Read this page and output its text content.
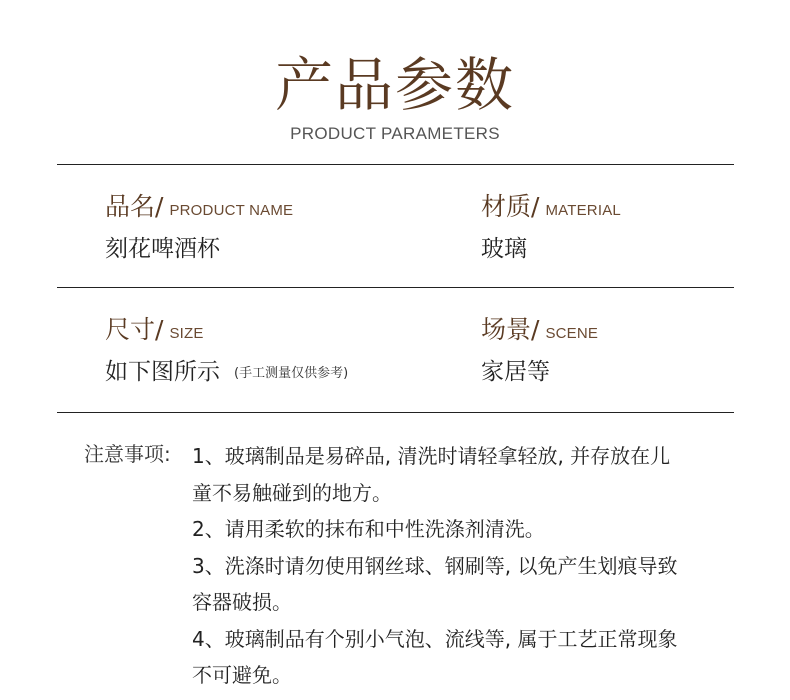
产品参数
PRODUCT PARAMETERS
品名/ PRODUCT NAME
刻花啤酒杯
材质/ MATERIAL
玻璃
尺寸/ SIZE
如下图所示 (手工测量仅供参考)
场景/ SCENE
家居等
注意事项: 1、玻璃制品是易碎品, 清洗时请轻拿轻放, 并存放在儿
童不易触碰到的地方。
2、请用柔软的抹布和中性洗涤剂清洗。
3、洗涤时请勿使用钢丝球、钢刷等, 以免产生划痕导致
容器破损。
4、玻璃制品有个别小气泡、流线等, 属于工艺正常现象
不可避免。
